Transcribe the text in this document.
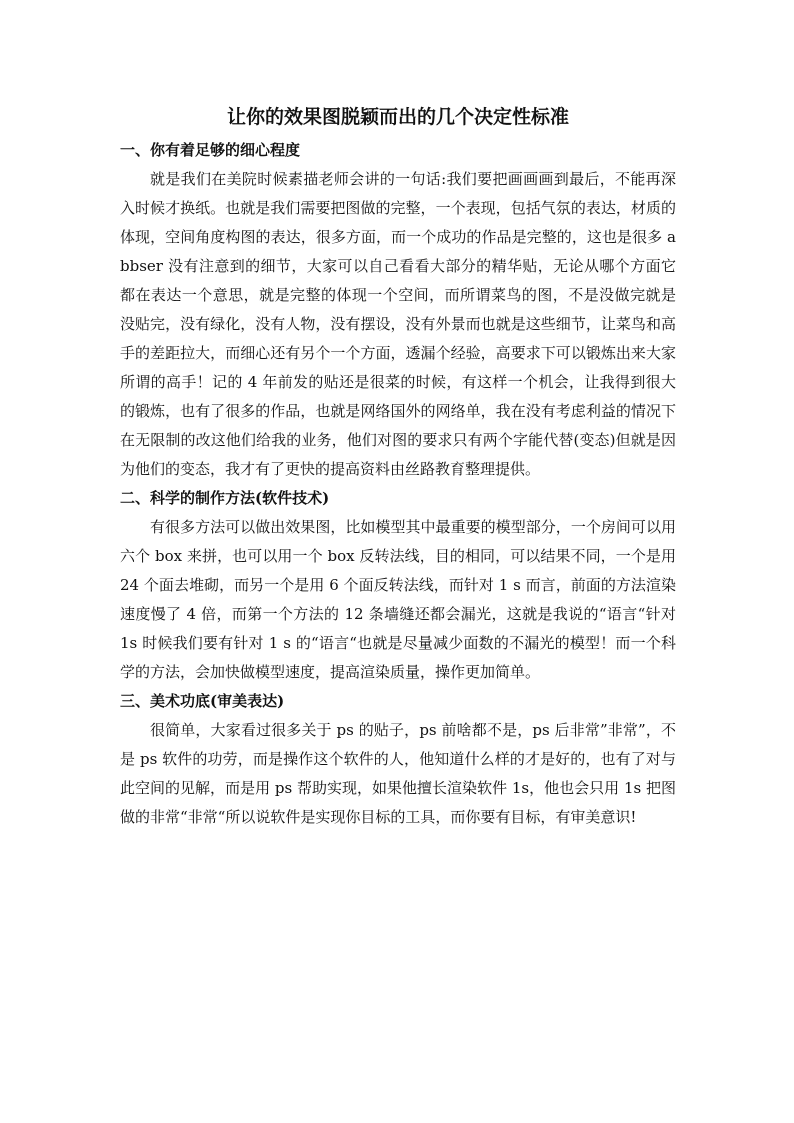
让你的效果图脱颖而出的几个决定性标准
一、你有着足够的细心程度

就是我们在美院时候素描老师会讲的一句话:我们要把画画画到最后，不能再深入时候才换纸。也就是我们需要把图做的完整，一个表现，包括气氛的表达，材质的体现，空间角度构图的表达，很多方面，而一个成功的作品是完整的，这也是很多 abbser 没有注意到的细节，大家可以自己看看大部分的精华贴，无论从哪个方面它都在表达一个意思，就是完整的体现一个空间，而所谓菜鸟的图，不是没做完就是 没贴完，没有绿化，没有人物，没有摆设，没有外景而也就是这些细节，让菜鸟和高手的差距拉大，而细心还有另个一个方面，透漏个经验，高要求下可以锻炼出来大家所谓的高手！记的 4 年前发的贴还是很菜的时候，有这样一个机会，让我得到很大的锻炼，也有了很多的作品，也就是网络国外的网络单，我在没有考虑利益的情况下在无限制的改这他们给我的业务，他们对图的要求只有两个字能代替(变态)但就是因为他们的变态，我才有了更快的提高资料由丝路教育整理提供。

二、科学的制作方法(软件技术)

有很多方法可以做出效果图，比如模型其中最重要的模型部分，一个房间可以用六个 box 来拼，也可以用一个 box 反转法线，目的相同，可以结果不同，一个是用 24 个面去堆砌，而另一个是用 6 个面反转法线，而针对 1 s 而言，前面的方法渲染速度慢了 4 倍，而第一个方法的 12 条墙缝还都会漏光，这就是我说的“语言“针对 1s 时候我们要有针对 1 s 的“语言“也就是尽量减少面数的不漏光的模型！而一个科学的方法，会加快做模型速度，提高渲染质量，操作更加简单。

三、美术功底(审美表达)

很简单，大家看过很多关于 ps 的贴子，ps 前啥都不是，ps 后非常”非常”，不是 ps 软件的功劳，而是操作这个软件的人，他知道什么样的才是好的，也有了对与此空间的见解，而是用 ps 帮助实现，如果他擅长渲染软件 1s，他也会只用 1s 把图做的非常“非常“所以说软件是实现你目标的工具，而你要有目标，有审美意识!
